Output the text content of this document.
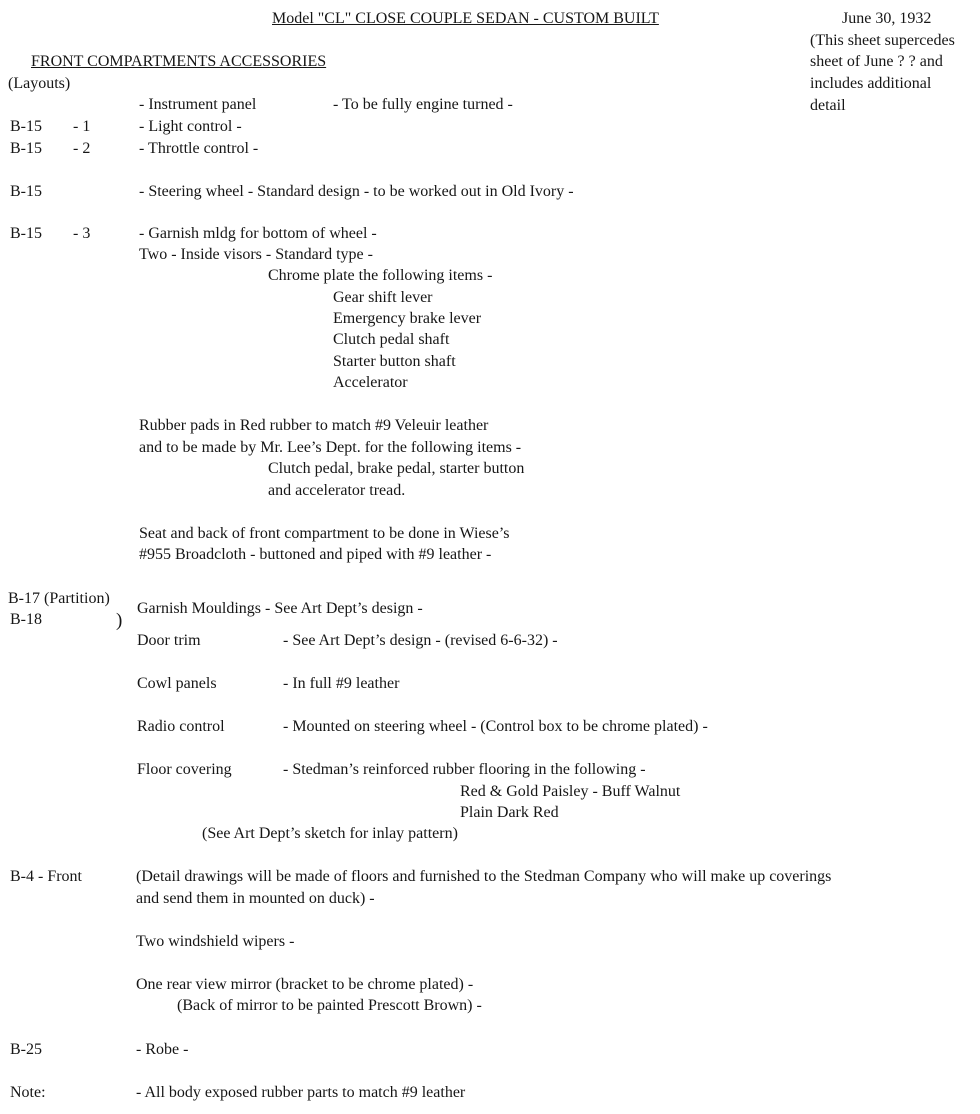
Model "CL" CLOSE COUPLE SEDAN - CUSTOM BUILT	June 30, 1932
(This sheet supercedes
sheet of June ? ? and
includes additional
detail
FRONT COMPARTMENTS ACCESSORIES
(Layouts)
- Instrument panel	- To be fully engine turned -
B-15 - 1	- Light control -
B-15 - 2	- Throttle control -
B-15	- Steering wheel - Standard design - to be worked out in Old Ivory -
B-15 - 3	- Garnish mldg for bottom of wheel -
Two - Inside visors - Standard type -
Chrome plate the following items -
Gear shift lever
Emergency brake lever
Clutch pedal shaft
Starter button shaft
Accelerator
Rubber pads in Red rubber to match #9 Veleuir leather
and to be made by Mr. Lee’s Dept. for the following items -
Clutch pedal, brake pedal, starter button
and accelerator tread.
Seat and back of front compartment to be done in Wiese’s
#955 Broadcloth - buttoned and piped with #9 leather -
B-17 (Partition)
B-18	)
Garnish Mouldings - See Art Dept’s design -
Door trim	- See Art Dept’s design - (revised 6-6-32) -
Cowl panels	- In full #9 leather
Radio control	- Mounted on steering wheel - (Control box to be chrome plated) -
Floor covering	- Stedman’s reinforced rubber flooring in the following -
Red & Gold Paisley - Buff Walnut
Plain Dark Red
(See Art Dept’s sketch for inlay pattern)
B-4 - Front	(Detail drawings will be made of floors and furnished to the Stedman Company who will make up coverings
and send them in mounted on duck) -
Two windshield wipers -
One rear view mirror (bracket to be chrome plated) -
(Back of mirror to be painted Prescott Brown) -
B-25	- Robe -
Note:	- All body exposed rubber parts to match #9 leather
